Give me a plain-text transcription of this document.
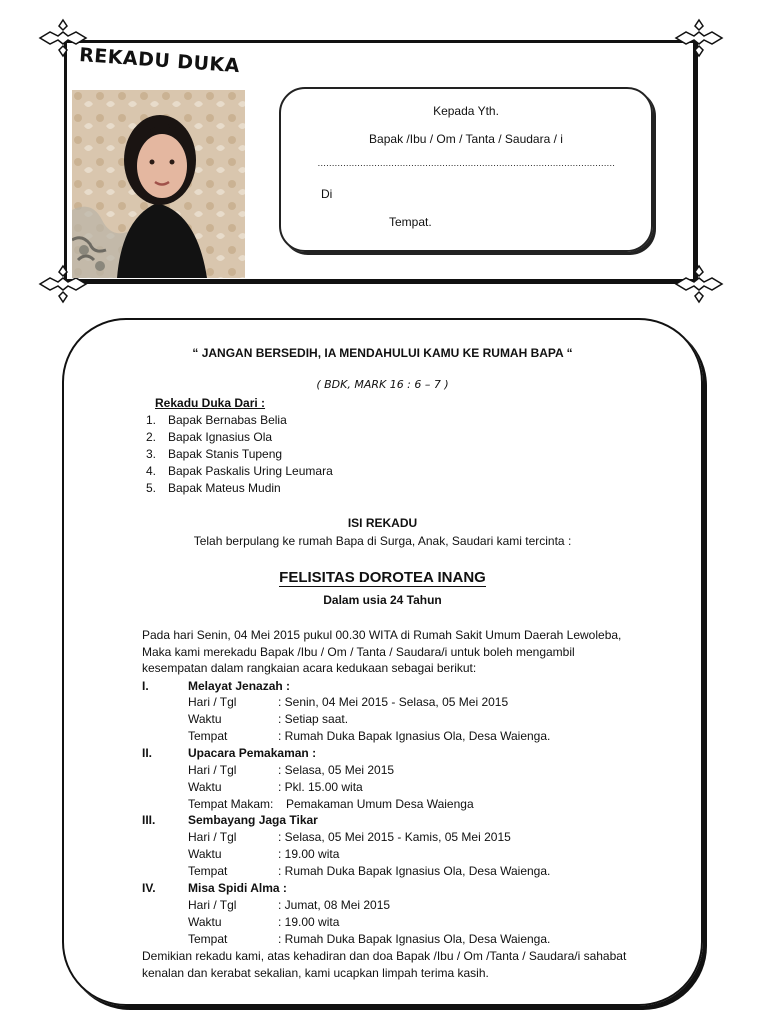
REKADU DUKA
Kepada Yth.
Bapak /Ibu / Om / Tanta / Saudara / i
……………………………………………………………………………………………
Di
Tempat.
“ JANGAN BERSEDIH, IA MENDAHULUI KAMU KE RUMAH BAPA “
( BDK, MARK 16 : 6 – 7 )
Rekadu Duka Dari :
1. Bapak Bernabas Belia
2. Bapak Ignasius Ola
3. Bapak Stanis Tupeng
4. Bapak Paskalis Uring Leumara
5. Bapak Mateus Mudin
ISI REKADU
Telah berpulang ke rumah Bapa di Surga, Anak, Saudari kami tercinta :
FELISITAS DOROTEA INANG
Dalam usia 24 Tahun
Pada hari Senin, 04 Mei 2015 pukul 00.30 WITA di Rumah Sakit Umum Daerah Lewoleba,
Maka kami merekadu Bapak /Ibu / Om / Tanta / Saudara/i untuk boleh mengambil
kesempatan dalam rangkaian acara kedukaan sebagai berikut:
I.	Melayat Jenazah :
Hari / Tgl	: Senin, 04 Mei 2015 - Selasa, 05 Mei 2015
Waktu	: Setiap saat.
Tempat	: Rumah Duka Bapak Ignasius Ola, Desa Waienga.
II.	Upacara Pemakaman :
Hari / Tgl	: Selasa, 05 Mei 2015
Waktu	: Pkl. 15.00 wita
Tempat Makam: Pemakaman Umum Desa Waienga
III.	Sembayang Jaga Tikar
Hari / Tgl	: Selasa, 05 Mei 2015 - Kamis, 05 Mei 2015
Waktu	: 19.00 wita
Tempat	: Rumah Duka Bapak Ignasius Ola, Desa Waienga.
IV.	Misa Spidi Alma :
Hari / Tgl	: Jumat, 08 Mei 2015
Waktu	: 19.00 wita
Tempat	: Rumah Duka Bapak Ignasius Ola, Desa Waienga.
Demikian rekadu kami, atas kehadiran dan doa Bapak /Ibu / Om /Tanta / Saudara/i sahabat
kenalan dan kerabat sekalian, kami ucapkan limpah terima kasih.
